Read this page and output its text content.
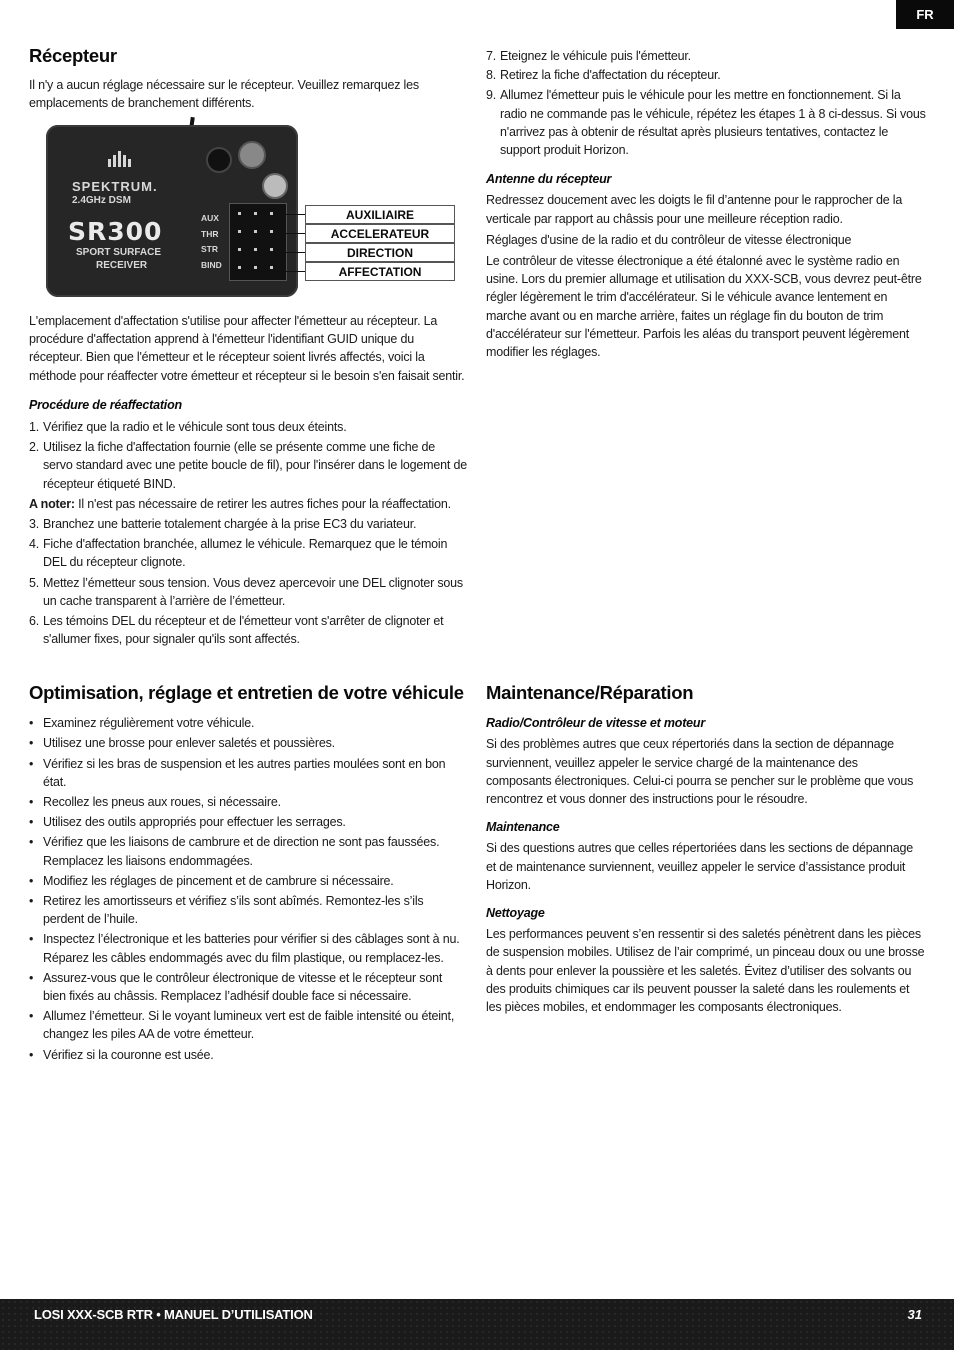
FR
Récepteur

Il n'y a aucun réglage nécessaire sur le récepteur. Veuillez remarquez les emplacements de branchement différents.

SPEKTRUM.
2.4GHz DSM
SR300
SPORT SURFACE
RECEIVER
AUX
THR
STR
BIND
AUXILIAIRE
ACCELERATEUR
DIRECTION
AFFECTATION

L'emplacement d'affectation s'utilise pour affecter l'émetteur au récepteur. La procédure d'affectation apprend à l'émetteur l'identifiant GUID unique du récepteur. Bien que l'émetteur et le récepteur soient livrés affectés, voici la méthode pour réaffecter votre émetteur et récepteur si le besoin s'en faisait sentir.

Procédure de réaffectation
1. Vérifiez que la radio et le véhicule sont tous deux éteints.
2. Utilisez la fiche d'affectation fournie (elle se présente comme une fiche de servo standard avec une petite boucle de fil), pour l'insérer dans le logement de récepteur étiqueté BIND.

A noter: Il n'est pas nécessaire de retirer les autres fiches pour la réaffectation.

3. Branchez une batterie totalement chargée à la prise EC3 du variateur.
4. Fiche d'affectation branchée, allumez le véhicule. Remarquez que le témoin DEL du récepteur clignote.
5. Mettez l’émetteur sous tension. Vous devez apercevoir une DEL clignoter sous un cache transparent à l’arrière de l’émetteur.
6. Les témoins DEL du récepteur et de l'émetteur vont s'arrêter de clignoter et s'allumer fixes, pour signaler qu'ils sont affectés.
7. Eteignez le véhicule puis l'émetteur.
8. Retirez la fiche d'affectation du récepteur.
9. Allumez l'émetteur puis le véhicule pour les mettre en fonctionnement. Si la radio ne commande pas le véhicule, répétez les étapes 1 à 8 ci-dessus. Si vous n'arrivez pas à obtenir de résultat après plusieurs tentatives, contactez le support produit Horizon.
Antenne du récepteur

Redressez doucement avec les doigts le fil d’antenne pour le rapprocher de la verticale par rapport au châssis pour une meilleure réception radio.

Réglages d'usine de la radio et du contrôleur de vitesse électronique

Le contrôleur de vitesse électronique a été étalonné avec le système radio en usine. Lors du premier allumage et utilisation du XXX-SCB, vous devrez peut-être régler légèrement le trim d'accélérateur. Si le véhicule avance lentement en marche avant ou en marche arrière, faites un réglage fin du bouton de trim d'accélérateur sur l'émetteur. Parfois les aléas du transport peuvent légèrement modifier les réglages.

Optimisation, réglage et entretien de votre véhicule
• Examinez régulièrement votre véhicule.
• Utilisez une brosse pour enlever saletés et poussières.
• Vérifiez si les bras de suspension et les autres parties moulées sont en bon état.
• Recollez les pneus aux roues, si nécessaire.
• Utilisez des outils appropriés pour effectuer les serrages.
• Vérifiez que les liaisons de cambrure et de direction ne sont pas faussées. Remplacez les liaisons endommagées.
• Modifiez les réglages de pincement et de cambrure si nécessaire.
• Retirez les amortisseurs et vérifiez s’ils sont abîmés. Remontez-les s’ils perdent de l’huile.
• Inspectez l’électronique et les batteries pour vérifier si des câblages sont à nu. Réparez les câbles endommagés avec du film plastique, ou remplacez-les.
• Assurez-vous que le contrôleur électronique de vitesse et le récepteur sont bien fixés au châssis. Remplacez l’adhésif double face si nécessaire.
• Allumez l’émetteur. Si le voyant lumineux vert est de faible intensité ou éteint, changez les piles AA de votre émetteur.
• Vérifiez si la couronne est usée.
Maintenance/Réparation
Radio/Contrôleur de vitesse et moteur

Si des problèmes autres que ceux répertoriés dans la section de dépannage surviennent, veuillez appeler le service chargé de la maintenance des composants électroniques. Celui-ci pourra se pencher sur le problème que vous rencontrez et vous donner des instructions pour le résoudre.

Maintenance

Si des questions autres que celles répertoriées dans les sections de dépannage et de maintenance surviennent, veuillez appeler le service d’assistance produit Horizon.

Nettoyage

Les performances peuvent s’en ressentir si des saletés pénètrent dans les pièces de suspension mobiles. Utilisez de l’air comprimé, un pinceau doux ou une brosse à dents pour enlever la poussière et les saletés. Évitez d’utiliser des solvants ou des produits chimiques car ils peuvent pousser la saleté dans les roulements et les pièces mobiles, et endommager les composants électroniques.

LOSI XXX-SCB RTR • MANUEL D’UTILISATION	31
